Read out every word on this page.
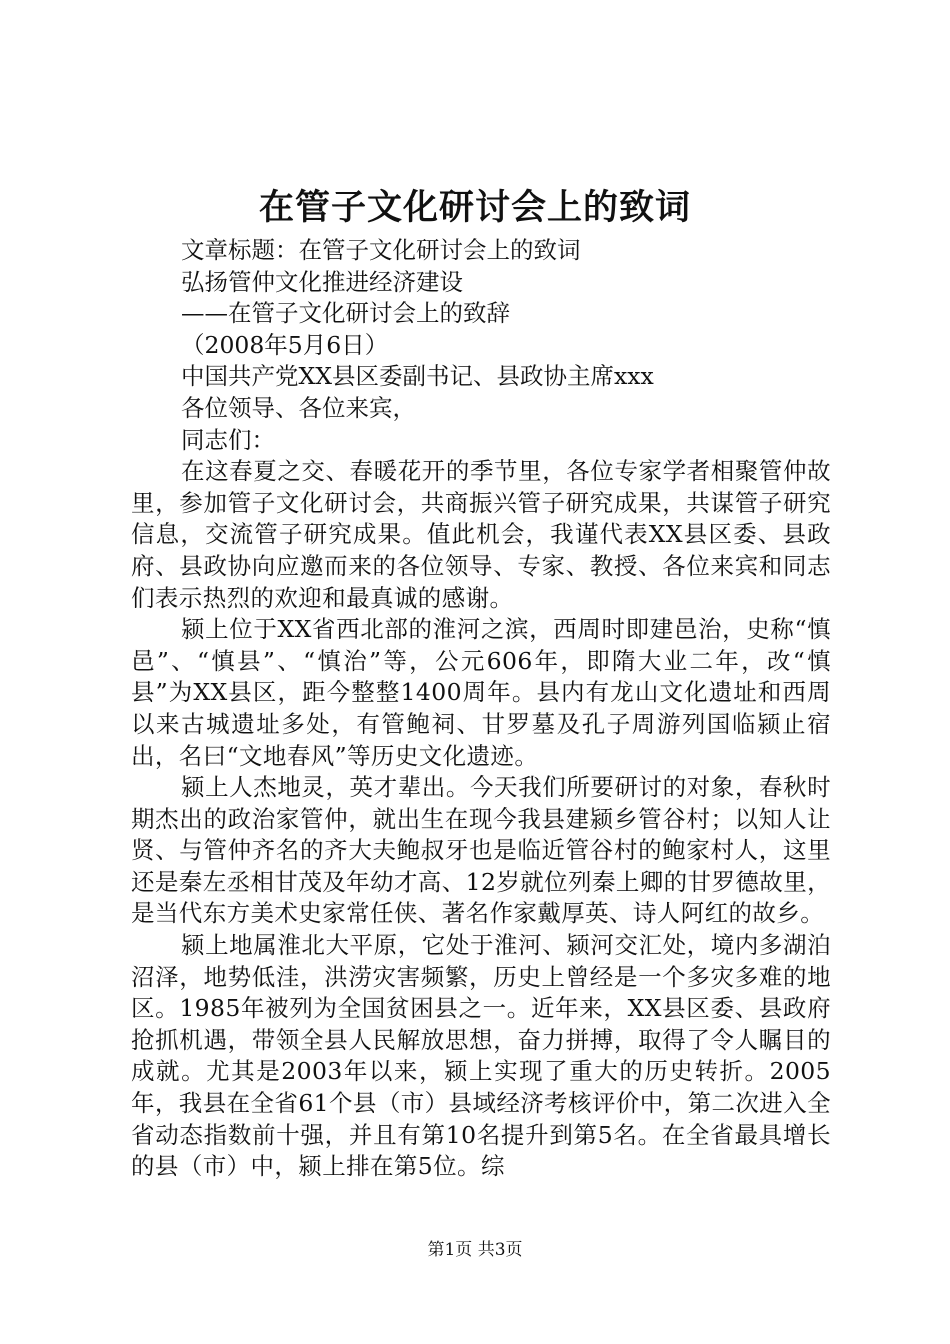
在管子文化研讨会上的致词
文章标题：在管子文化研讨会上的致词
弘扬管仲文化推进经济建设
——在管子文化研讨会上的致辞
（2008年5月6日）
中国共产党XX县区委副书记、县政协主席xxx
各位领导、各位来宾，
同志们：

在这春夏之交、春暖花开的季节里，各位专家学者相聚管仲故里，参加管子文化研讨会，共商振兴管子研究成果，共谋管子研究信息，交流管子研究成果。值此机会，我谨代表XX县区委、县政府、县政协向应邀而来的各位领导、专家、教授、各位来宾和同志们表示热烈的欢迎和最真诚的感谢。

颍上位于XX省西北部的淮河之滨，西周时即建邑治，史称“慎邑”、“慎县”、“慎治”等，公元606年，即隋大业二年，改“慎县”为XX县区，距今整整1400周年。县内有龙山文化遗址和西周以来古城遗址多处，有管鲍祠、甘罗墓及孔子周游列国临颍止宿出，名曰“文地春风”等历史文化遗迹。

颍上人杰地灵，英才辈出。今天我们所要研讨的对象，春秋时期杰出的政治家管仲，就出生在现今我县建颍乡管谷村；以知人让贤、与管仲齐名的齐大夫鲍叔牙也是临近管谷村的鲍家村人，这里还是秦左丞相甘茂及年幼才高、12岁就位列秦上卿的甘罗德故里，是当代东方美术史家常任侠、著名作家戴厚英、诗人阿红的故乡。

颍上地属淮北大平原，它处于淮河、颍河交汇处，境内多湖泊沼泽，地势低洼，洪涝灾害频繁，历史上曾经是一个多灾多难的地区。1985年被列为全国贫困县之一。近年来，XX县区委、县政府抢抓机遇，带领全县人民解放思想，奋力拼搏，取得了令人瞩目的成就。尤其是2003年以来，颍上实现了重大的历史转折。2005年，我县在全省61个县（市）县域经济考核评价中，第二次进入全省动态指数前十强，并且有第10名提升到第5名。在全省最具增长的县（市）中，颍上排在第5位。综

第1页 共3页
